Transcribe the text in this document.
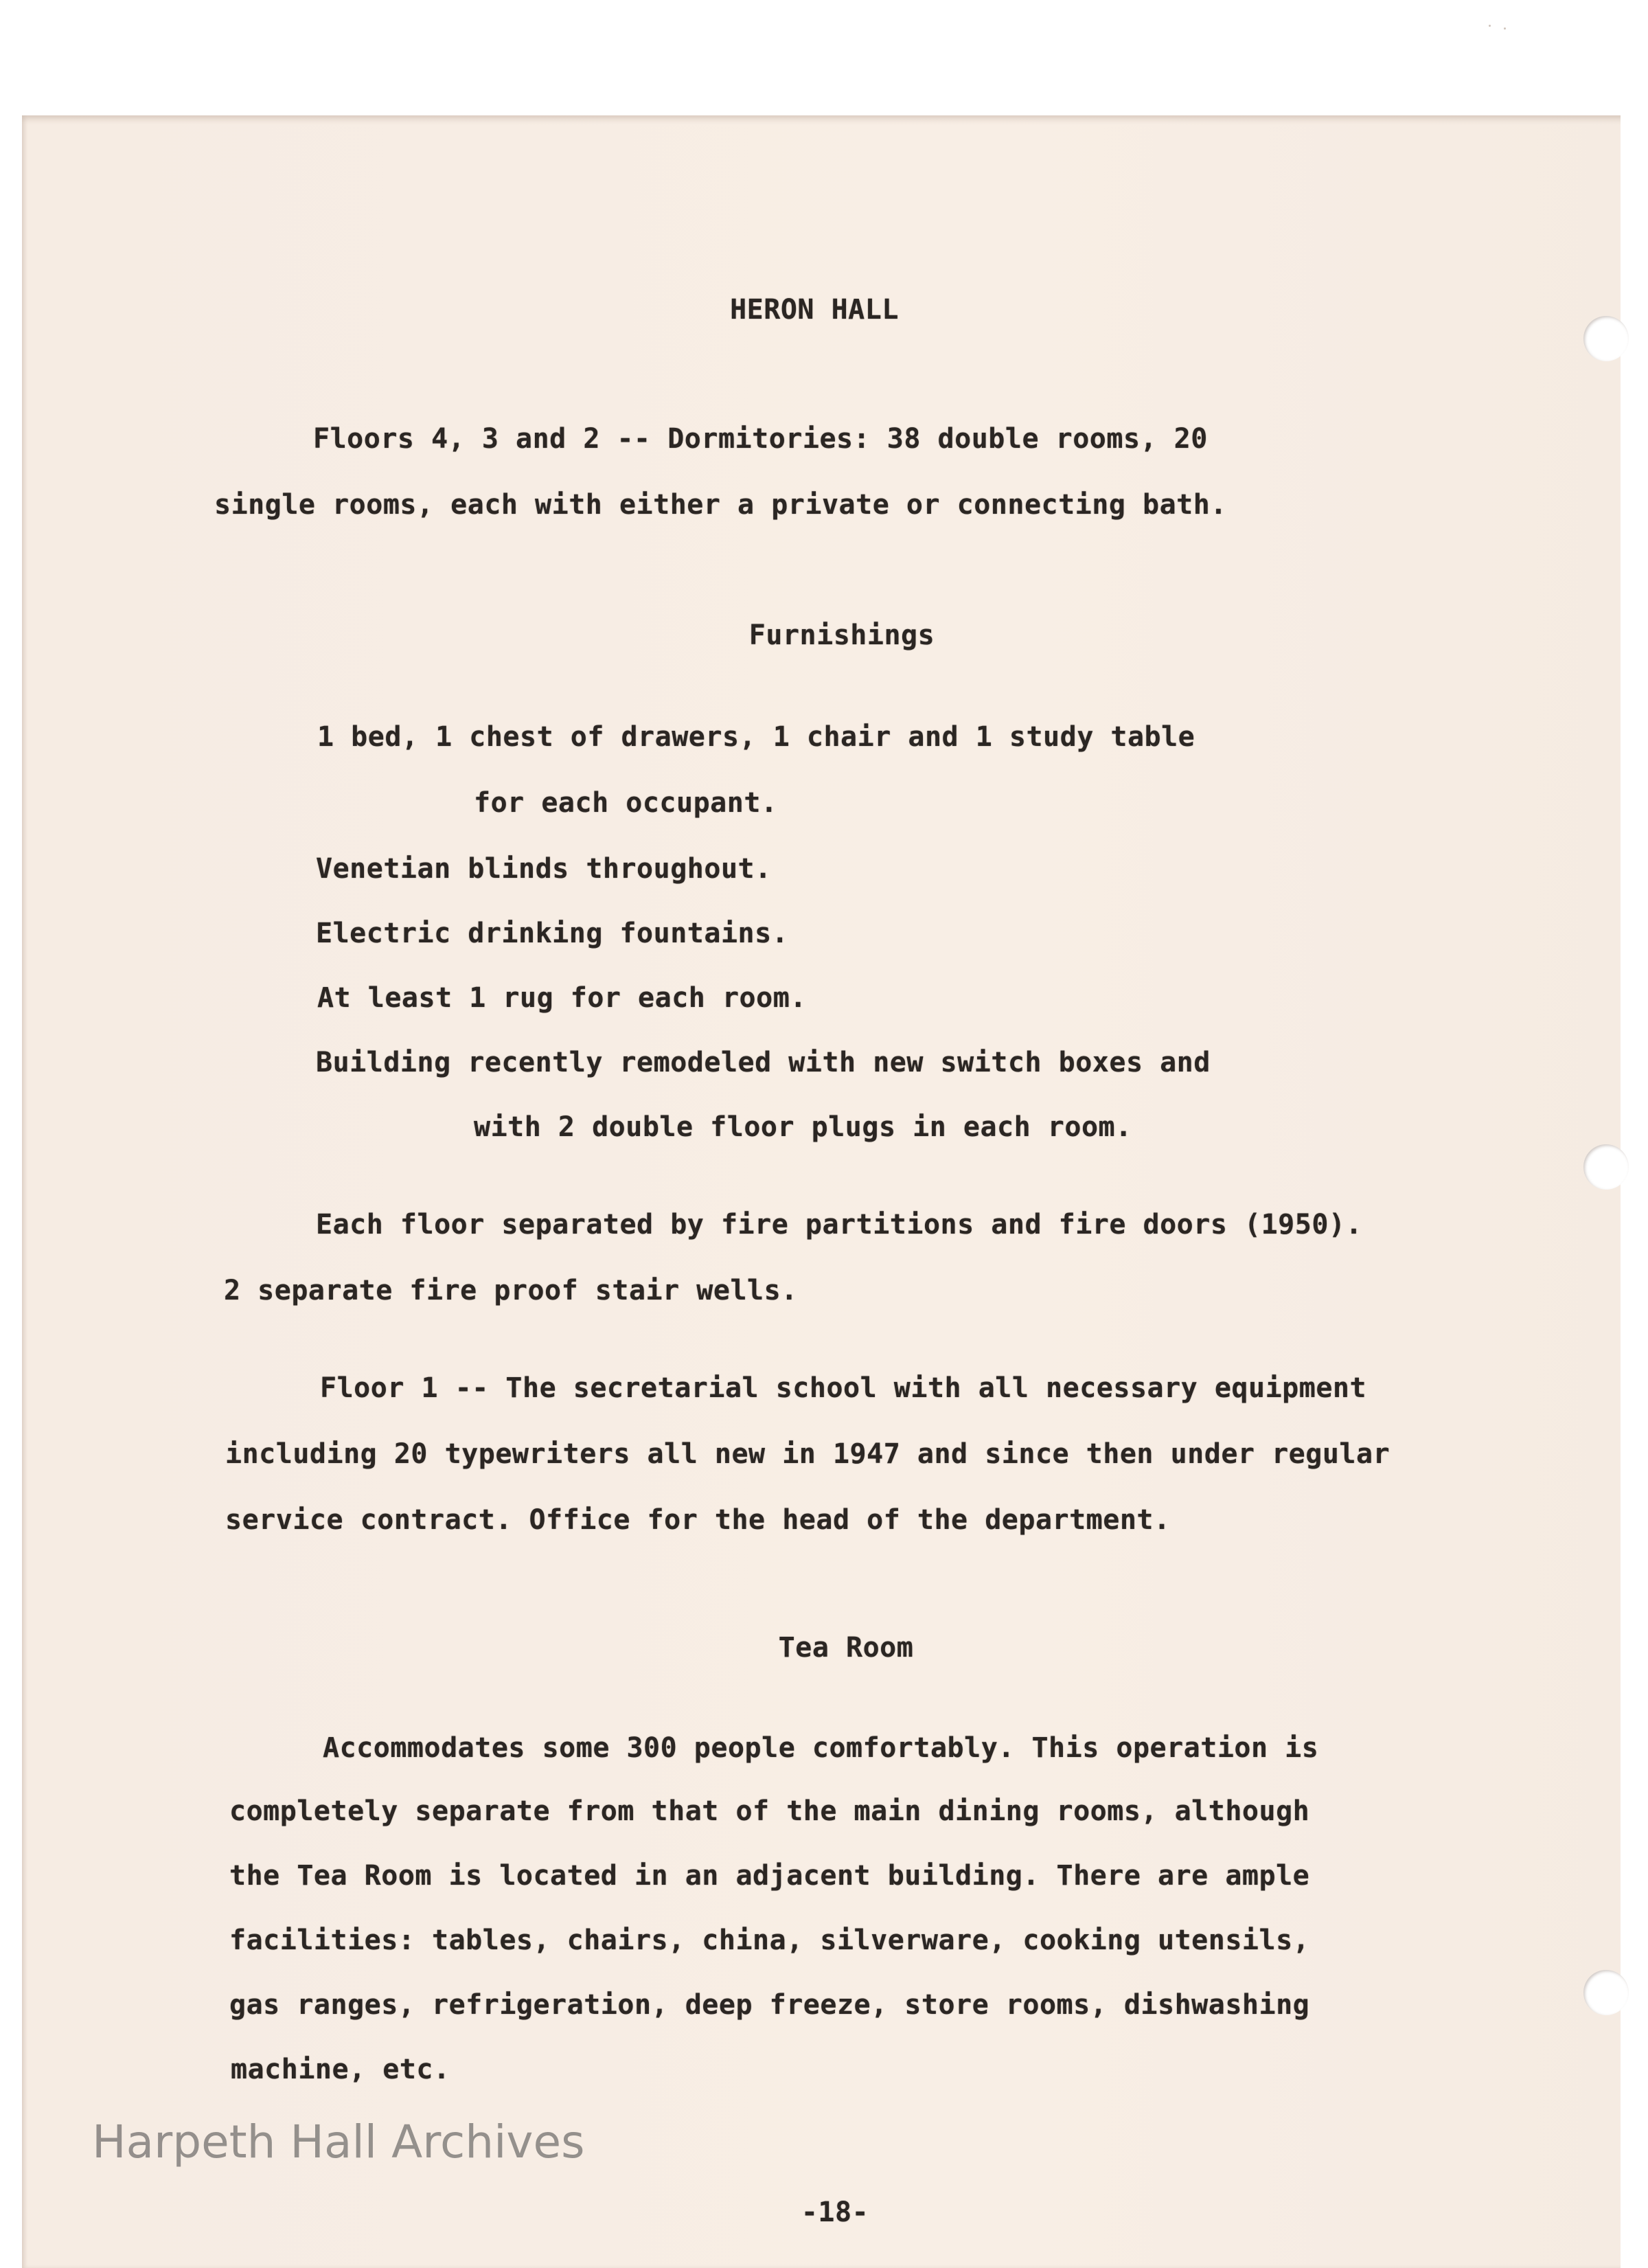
HERON HALL
Floors 4, 3 and 2 -- Dormitories: 38 double rooms, 20
single rooms, each with either a private or connecting bath.
Furnishings
1 bed, 1 chest of drawers, 1 chair and 1 study table
for each occupant.
Venetian blinds throughout.
Electric drinking fountains.
At least 1 rug for each room.
Building recently remodeled with new switch boxes and
with 2 double floor plugs in each room.
Each floor separated by fire partitions and fire doors (1950).
2 separate fire proof stair wells.
Floor 1 -- The secretarial school with all necessary equipment
including 20 typewriters all new in 1947 and since then under regular
service contract. Office for the head of the department.
Tea Room
Accommodates some 300 people comfortably. This operation is
completely separate from that of the main dining rooms, although
the Tea Room is located in an adjacent building. There are ample
facilities: tables, chairs, china, silverware, cooking utensils,
gas ranges, refrigeration, deep freeze, store rooms, dishwashing
machine, etc.
Harpeth Hall Archives
-18-
